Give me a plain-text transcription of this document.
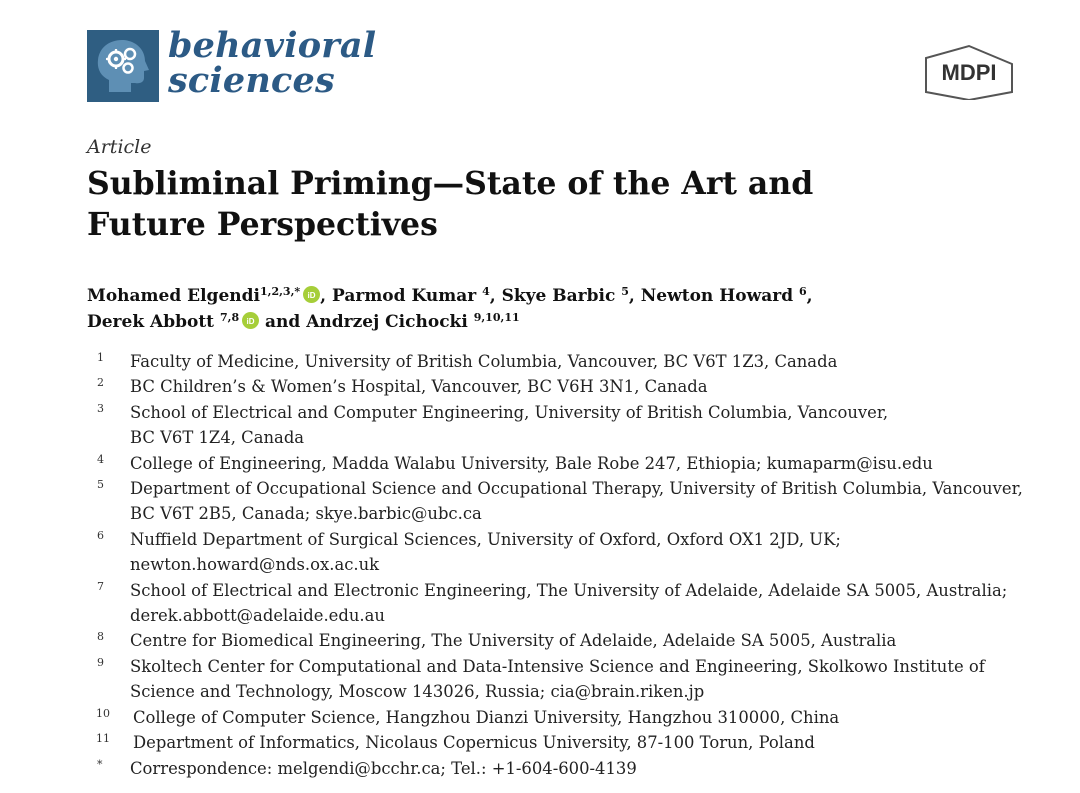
behavioral
sciences	MDPI
Article
Subliminal Priming—State of the Art and
Future Perspectives
Mohamed Elgendi$^{1,2,3,*}$ iD , Parmod Kumar $^4$, Skye Barbic $^5$, Newton Howard $^6$,
Derek Abbott $^{7,8}$ iD and Andrzej Cichocki $^{9,10,11}$
1 Faculty of Medicine, University of British Columbia, Vancouver, BC V6T 1Z3, Canada
2 BC Children’s & Women’s Hospital, Vancouver, BC V6H 3N1, Canada
3 School of Electrical and Computer Engineering, University of British Columbia, Vancouver,
BC V6T 1Z4, Canada
4 College of Engineering, Madda Walabu University, Bale Robe 247, Ethiopia; kumaparm@isu.edu
5 Department of Occupational Science and Occupational Therapy, University of British Columbia, Vancouver,
BC V6T 2B5, Canada; skye.barbic@ubc.ca
6 Nuffield Department of Surgical Sciences, University of Oxford, Oxford OX1 2JD, UK;
newton.howard@nds.ox.ac.uk
7 School of Electrical and Electronic Engineering, The University of Adelaide, Adelaide SA 5005, Australia;
derek.abbott@adelaide.edu.au
8 Centre for Biomedical Engineering, The University of Adelaide, Adelaide SA 5005, Australia
9 Skoltech Center for Computational and Data-Intensive Science and Engineering, Skolkowo Institute of
Science and Technology, Moscow 143026, Russia; cia@brain.riken.jp
10 College of Computer Science, Hangzhou Dianzi University, Hangzhou 310000, China
11 Department of Informatics, Nicolaus Copernicus University, 87-100 Torun, Poland
* Correspondence: melgendi@bcchr.ca; Tel.: +1-604-600-4139
